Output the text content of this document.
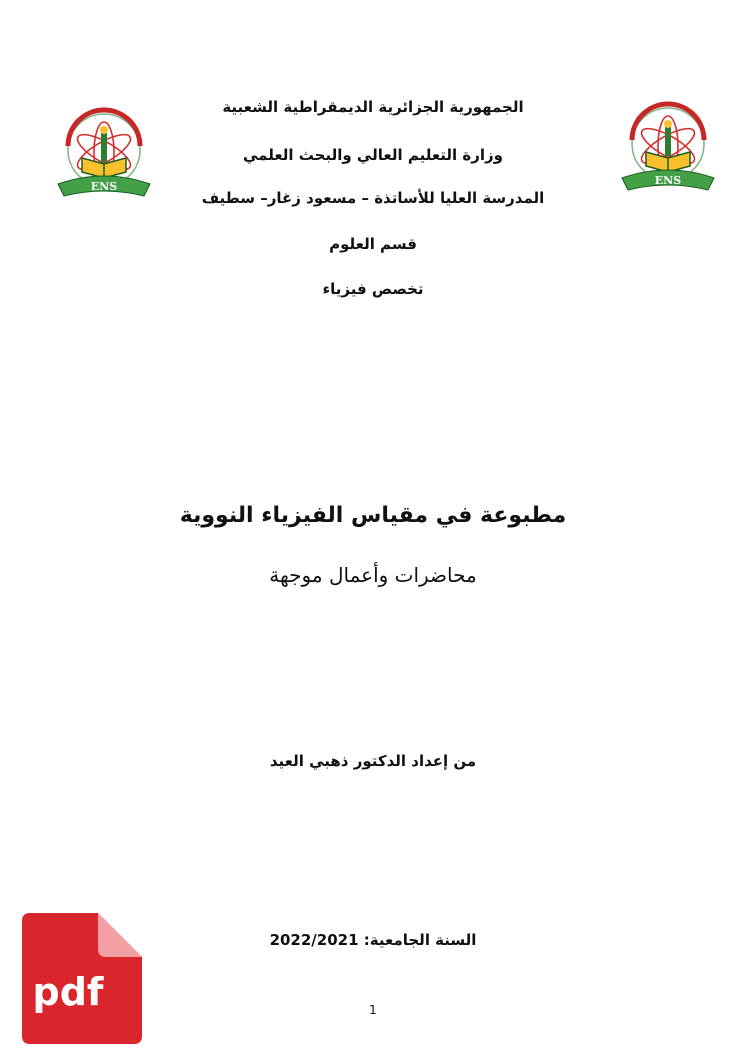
ENS
ECOLE NORMALE
ENS
ECOLE NORMALE
الجمهورية الجزائرية الديمقراطية الشعبية
وزارة التعليم العالي والبحث العلمي
المدرسة العليا للأساتذة – مسعود زغار– سطيف
قسم العلوم
تخصص فيزياء
مطبوعة في مقياس الفيزياء النووية
محاضرات وأعمال موجهة
من إعداد الدكتور ذهبي العيد
السنة الجامعية: 2022/2021
1
pdf
